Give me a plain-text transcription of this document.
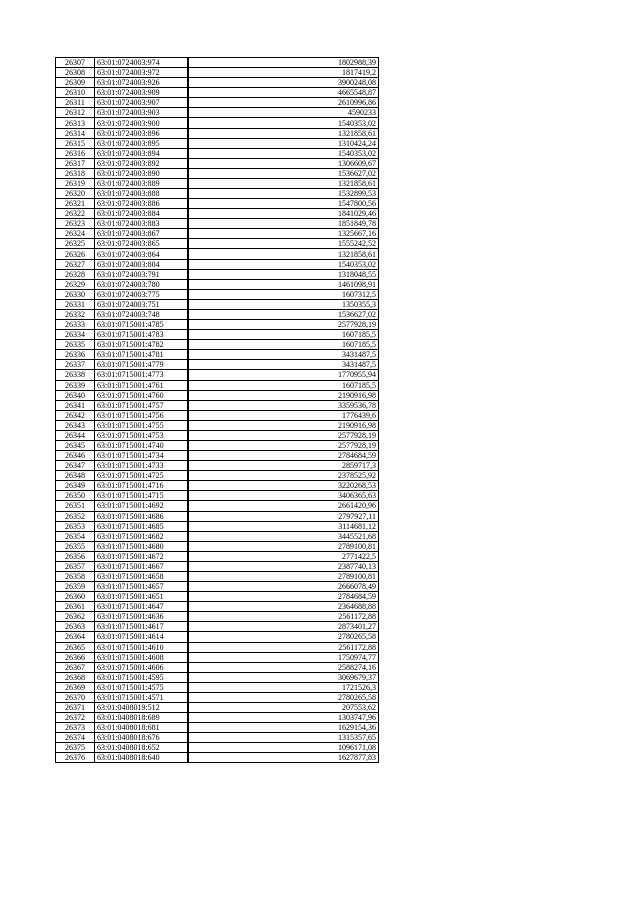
26307	63:01:0724003:974	1802988,39
26308	63:01:0724003:972	1817419,2
26309	63:01:0724003:926	3900248,08
26310	63:01:0724003:909	4665548,87
26311	63:01:0724003:907	2610996,86
26312	63:01:0724003:903	4590233
26313	63:01:0724003:900	1540353,02
26314	63:01:0724003:896	1321858,61
26315	63:01:0724003:895	1310424,24
26316	63:01:0724003:894	1540353,02
26317	63:01:0724003:892	1306609,67
26318	63:01:0724003:890	1536627,02
26319	63:01:0724003:889	1321858,61
26320	63:01:0724003:888	1532899,53
26321	63:01:0724003:886	1547800,56
26322	63:01:0724003:884	1841029,46
26323	63:01:0724003:883	1851849,78
26324	63:01:0724003:867	1325667,16
26325	63:01:0724003:865	1555242,52
26326	63:01:0724003:864	1321858,61
26327	63:01:0724003:804	1540353,02
26328	63:01:0724003:791	1318048,55
26329	63:01:0724003:780	1461098,91
26330	63:01:0724003:775	1607312,5
26331	63:01:0724003:751	1350355,3
26332	63:01:0724003:748	1536627,02
26333	63:01:0715001:4785	2577928,19
26334	63:01:0715001:4783	1607185,5
26335	63:01:0715001:4782	1607185,5
26336	63:01:0715001:4781	3431487,5
26337	63:01:0715001:4779	3431487,5
26338	63:01:0715001:4773	1770955,94
26339	63:01:0715001:4761	1607185,5
26340	63:01:0715001:4760	2190916,98
26341	63:01:0715001:4757	3359536,78
26342	63:01:0715001:4756	1776439,6
26343	63:01:0715001:4755	2190916,98
26344	63:01:0715001:4753	2577928,19
26345	63:01:0715001:4740	2577928,19
26346	63:01:0715001:4734	2784684,59
26347	63:01:0715001:4733	2859717,3
26348	63:01:0715001:4725	2378525,92
26349	63:01:0715001:4716	3220268,53
26350	63:01:0715001:4715	3406365,63
26351	63:01:0715001:4692	2661420,96
26352	63:01:0715001:4686	2797927,11
26353	63:01:0715001:4685	3114681,12
26354	63:01:0715001:4682	3445521,68
26355	63:01:0715001:4680	2789100,81
26356	63:01:0715001:4672	2771422,5
26357	63:01:0715001:4667	2387740,13
26358	63:01:0715001:4658	2789100,81
26359	63:01:0715001:4657	2666078,49
26360	63:01:0715001:4651	2784684,59
26361	63:01:0715001:4647	2364688,88
26362	63:01:0715001:4636	2561172,88
26363	63:01:0715001:4617	2873401,27
26364	63:01:0715001:4614	2780265,58
26365	63:01:0715001:4610	2561172,88
26366	63:01:0715001:4608	1750974,77
26367	63:01:0715001:4606	2588274,16
26368	63:01:0715001:4595	3069679,37
26369	63:01:0715001:4575	1721526,3
26370	63:01:0715001:4571	2780265,58
26371	63:01:0408019:512	207553,62
26372	63:01:0408018:689	1303747,96
26373	63:01:0408018:681	1629154,36
26374	63:01:0408018:676	1315357,65
26375	63:01:0408018:652	1096171,08
26376	63:01:0408018:640	1627877,83
